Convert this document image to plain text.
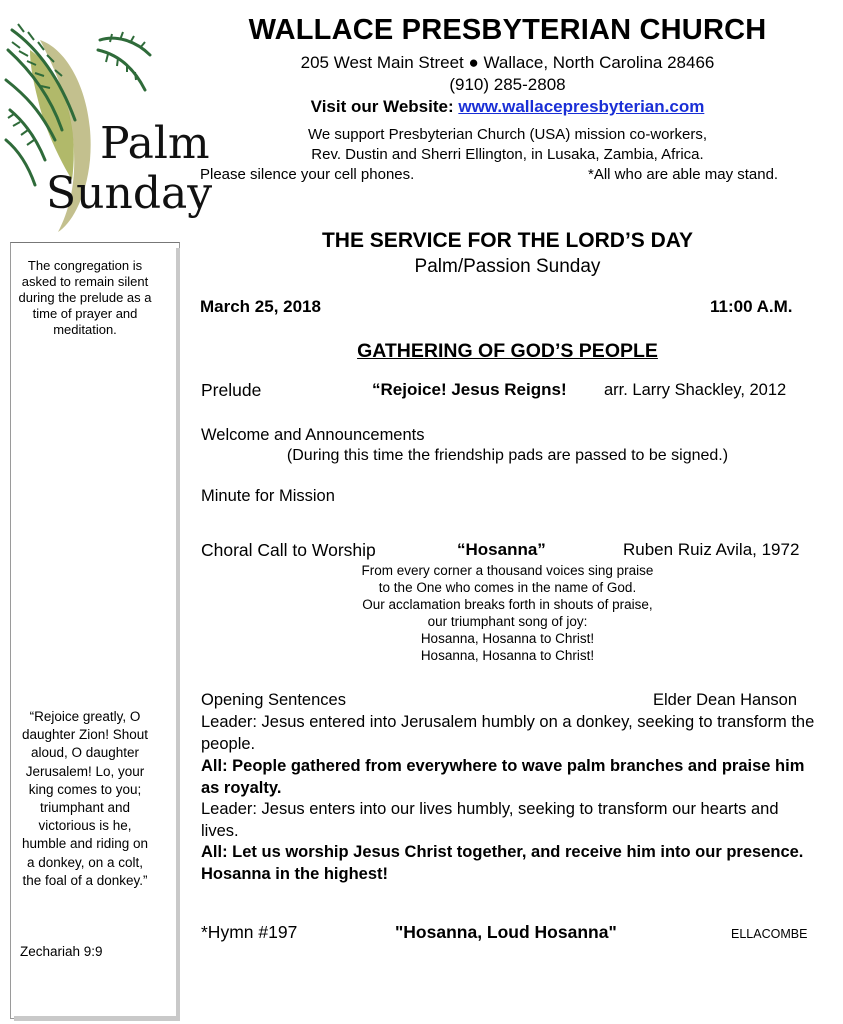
Palm
Sunday
The congregation is asked to remain silent during the prelude as a time of prayer and meditation.
“Rejoice greatly, O daughter Zion! Shout aloud, O daughter Jerusalem! Lo, your king comes to you; triumphant and victorious is he, humble and riding on a donkey, on a colt, the foal of a donkey.”
Zechariah 9:9
WALLACE PRESBYTERIAN CHURCH
205 West Main Street ● Wallace, North Carolina 28466
(910) 285-2808
Visit our Website: www.wallacepresbyterian.com
We support Presbyterian Church (USA) mission co-workers,
Rev. Dustin and Sherri Ellington, in Lusaka, Zambia, Africa.
Please silence your cell phones.	*All who are able may stand.
THE SERVICE FOR THE LORD’S DAY
Palm/Passion Sunday
March 25, 2018	11:00 A.M.
GATHERING OF GOD’S PEOPLE
Prelude	“Rejoice! Jesus Reigns! arr. Larry Shackley, 2012
Welcome and Announcements
(During this time the friendship pads are passed to be signed.)
Minute for Mission
Choral Call to Worship	“Hosanna”	Ruben Ruiz Avila, 1972
From every corner a thousand voices sing praise
to the One who comes in the name of God.
Our acclamation breaks forth in shouts of praise,
our triumphant song of joy:
Hosanna, Hosanna to Christ!
Hosanna, Hosanna to Christ!
Opening Sentences	Elder Dean Hanson
Leader: Jesus entered into Jerusalem humbly on a donkey, seeking to transform the people.
All: People gathered from everywhere to wave palm branches and praise him as royalty.
Leader: Jesus enters into our lives humbly, seeking to transform our hearts and lives.
All: Let us worship Jesus Christ together, and receive him into our presence. Hosanna in the highest!
*Hymn #197	"Hosanna, Loud Hosanna"	ELLACOMBE
